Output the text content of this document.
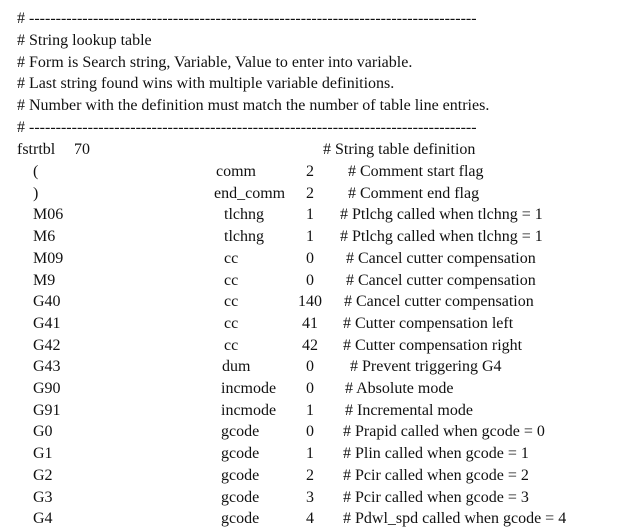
# ------------------------------------------------------------------------------------

# String lookup table

# Form is Search string, Variable, Value to enter into variable.

# Last string found wins with multiple variable definitions.

# Number with the definition must match the number of table line entries.

# ------------------------------------------------------------------------------------

fstrtbl

70

	# String table definition

(	comm	2 # Comment start flag
)	end_comm 2 # Comment end flag
M06	tlchng	1 # Ptlchg called when tlchng = 1
M6	tlchng	1 # Ptlchg called when tlchng = 1
M09	cc	0 # Cancel cutter compensation
M9	cc	0 # Cancel cutter compensation
G40	cc	140 # Cancel cutter compensation
G41	cc	41 # Cutter compensation left
G42	cc	42 # Cutter compensation right
G43	dum	0 # Prevent triggering G4
G90	incmode 0 # Absolute mode
G91	incmode 1 # Incremental mode
G0	gcode	0 # Prapid called when gcode = 0
G1	gcode	1 # Plin called when gcode = 1
G2	gcode	2 # Pcir called when gcode = 2
G3	gcode	3 # Pcir called when gcode = 3
G4	gcode	4 # Pdwl_spd called when gcode = 4
